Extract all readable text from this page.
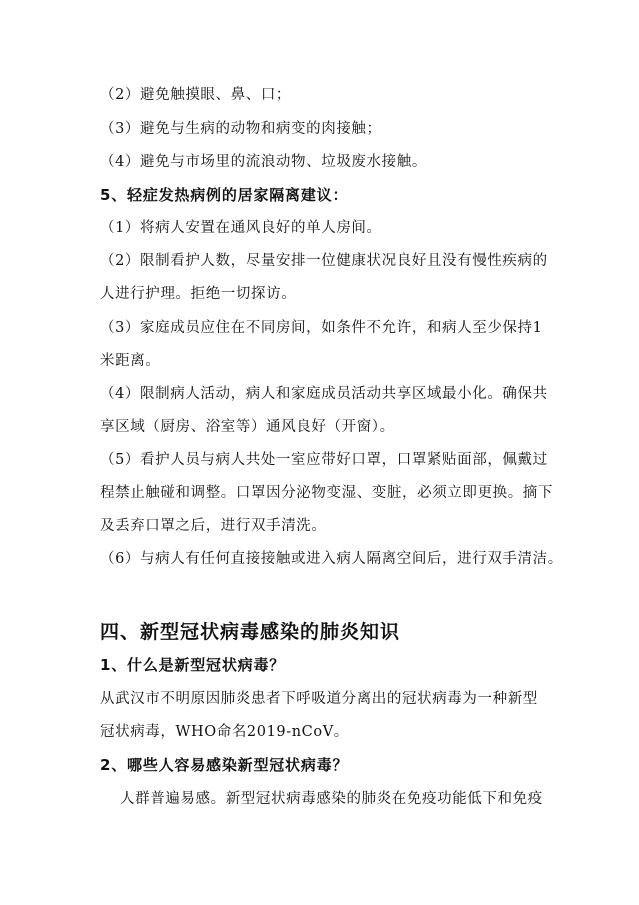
（2）避免触摸眼、鼻、口；
（3）避免与生病的动物和病变的肉接触；
（4）避免与市场里的流浪动物、垃圾废水接触。
5、轻症发热病例的居家隔离建议：
（1）将病人安置在通风良好的单人房间。
（2）限制看护人数，尽量安排一位健康状况良好且没有慢性疾病的
人进行护理。拒绝一切探访。
（3）家庭成员应住在不同房间，如条件不允许，和病人至少保持1
米距离。
（4）限制病人活动，病人和家庭成员活动共享区域最小化。确保共
享区域（厨房、浴室等）通风良好（开窗）。
（5）看护人员与病人共处一室应带好口罩，口罩紧贴面部，佩戴过
程禁止触碰和调整。口罩因分泌物变湿、变脏，必须立即更换。摘下
及丢弃口罩之后，进行双手清洗。
（6）与病人有任何直接接触或进入病人隔离空间后，进行双手清洁。
四、新型冠状病毒感染的肺炎知识
1、什么是新型冠状病毒？
从武汉市不明原因肺炎患者下呼吸道分离出的冠状病毒为一种新型
冠状病毒，WHO命名2019-nCoV。
2、哪些人容易感染新型冠状病毒？
人群普遍易感。新型冠状病毒感染的肺炎在免疫功能低下和免疫
